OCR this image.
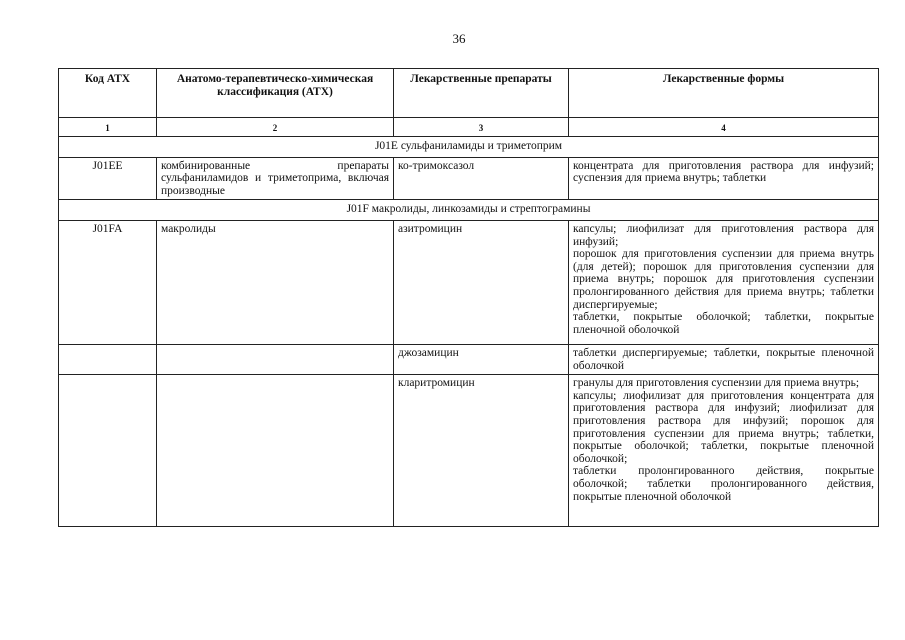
36
Код АТХ	Анатомо-терапевтическо-химическая классификация (АТХ)	Лекарственные препараты	Лекарственные формы
1	2	3	4
J01E сульфаниламиды и триметоприм			
J01EE	комбинированные препараты сульфаниламидов и триметоприма, включая производные	ко-тримоксазол	концентрата для приготовления раствора для инфузий; суспензия для приема внутрь; таблетки

J01F макролиды, линкозамиды и стрептограмины			
J01FA	макролиды	азитромицин	капсулы; лиофилизат для приготовления раствора для инфузий;
порошок для приготовления суспензии для приема внутрь (для детей); порошок для приготовления суспензии для приема внутрь; порошок для приготовления суспензии пролонгированного действия для приема внутрь; таблетки диспергируемые;
таблетки, покрытые оболочкой; таблетки, покрытые пленочной оболочкой

		джозамицин	таблетки диспергируемые; таблетки, покрытые пленочной оболочкой

		кларитромицин	гранулы для приготовления суспензии для приема внутрь;
капсулы; лиофилизат для приготовления концентрата для приготовления раствора для инфузий; лиофилизат для приготовления раствора для инфузий; порошок для приготовления суспензии для приема внутрь; таблетки, покрытые оболочкой; таблетки, покрытые пленочной оболочкой;
таблетки пролонгированного действия, покрытые оболочкой; таблетки пролонгированного действия, покрытые пленочной оболочкой
